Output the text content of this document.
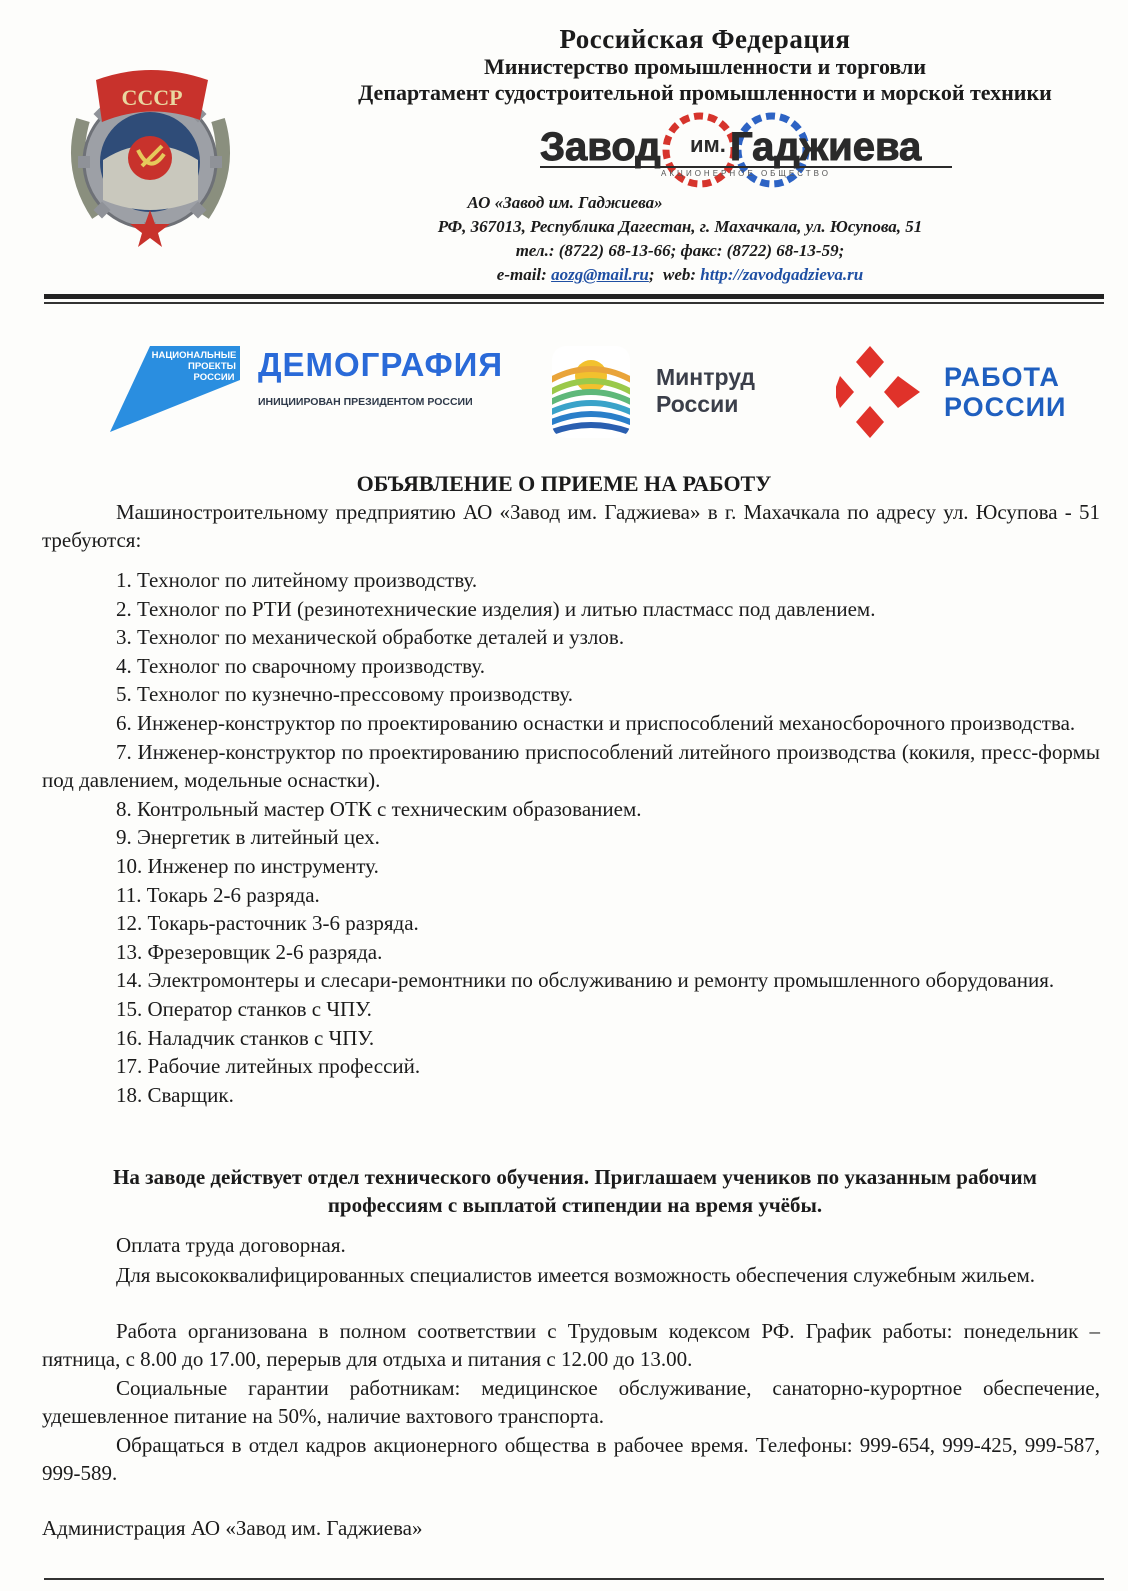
СССР
Российская Федерация
Министерство промышленности и торговли
Департамент судостроительной промышленности и морской техники
Завод им. Гаджиева
АКЦИОНЕРНОЕ ОБЩЕСТВО
АО «Завод им. Гаджиева»
РФ, 367013, Республика Дагестан, г. Махачкала, ул. Юсупова, 51
тел.: (8722) 68-13-66; факс: (8722) 68-13-59;
e-mail: aozg@mail.ru;  web: http://zavodgadzieva.ru
НАЦИОНАЛЬНЫЕ
ПРОЕКТЫ
РОССИИ ДЕМОГРАФИЯ
ИНИЦИИРОВАН ПРЕЗИДЕНТОМ РОССИИ
Минтруд
России
РАБОТА
РОССИИ
ОБЪЯВЛЕНИЕ О ПРИЕМЕ НА РАБОТУ
Машиностроительному предприятию АО «Завод им. Гаджиева» в г. Махачкала по адресу ул. Юсупова - 51 требуются:
1. Технолог по литейному производству.
2. Технолог по РТИ (резинотехнические изделия) и литью пластмасс под давлением.
3. Технолог по механической обработке деталей и узлов.
4. Технолог по сварочному производству.
5. Технолог по кузнечно-прессовому производству.
6. Инженер-конструктор по проектированию оснастки и приспособлений механосборочного производства.
7. Инженер-конструктор по проектированию приспособлений литейного производства (кокиля, пресс-формы под давлением, модельные оснастки).
8. Контрольный мастер ОТК с техническим образованием.
9. Энергетик в литейный цех.
10. Инженер по инструменту.
11. Токарь 2-6 разряда.
12. Токарь-расточник 3-6 разряда.
13. Фрезеровщик 2-6 разряда.
14. Электромонтеры и слесари-ремонтники по обслуживанию и ремонту промышленного оборудования.
15. Оператор станков с ЧПУ.
16. Наладчик станков с ЧПУ.
17. Рабочие литейных профессий.
18. Сварщик.
На заводе действует отдел технического обучения. Приглашаем учеников по указанным рабочим профессиям с выплатой стипендии на время учёбы.
Оплата труда договорная.
Для высококвалифицированных специалистов имеется возможность обеспечения служебным жильем.
Работа организована в полном соответствии с Трудовым кодексом РФ. График работы: понедельник – пятница, с 8.00 до 17.00, перерыв для отдыха и питания с 12.00 до 13.00.
Социальные гарантии работникам: медицинское обслуживание, санаторно-курортное обеспечение, удешевленное питание на 50%, наличие вахтового транспорта.
Обращаться в отдел кадров акционерного общества в рабочее время. Телефоны: 999-654, 999-425, 999-587, 999-589.
Администрация АО «Завод им. Гаджиева»
